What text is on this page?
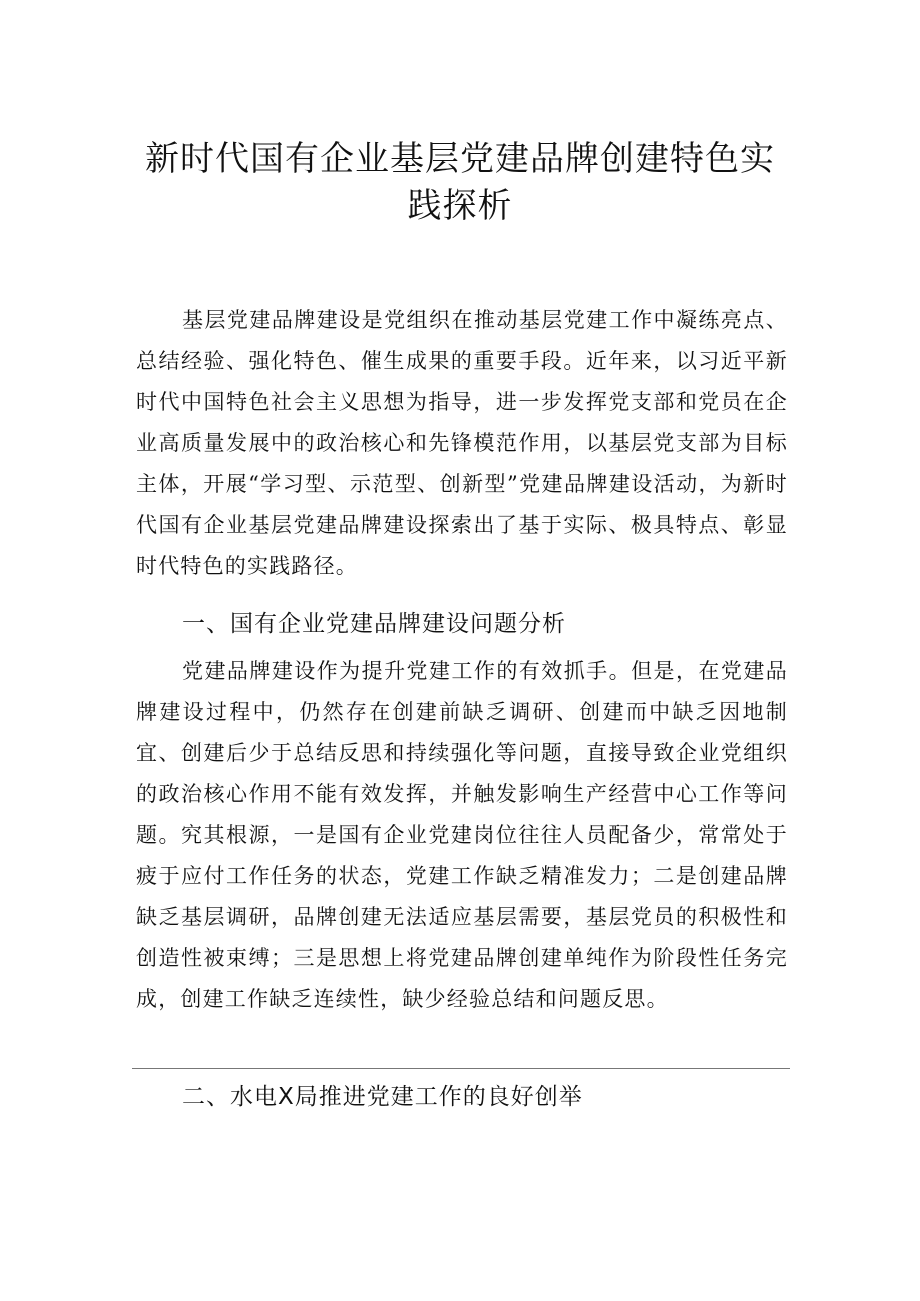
新时代国有企业基层党建品牌创建特色实
践探析
基层党建品牌建设是党组织在推动基层党建工作中凝练亮点、总结经验、强化特色、催生成果的重要手段。近年来，以习近平新时代中国特色社会主义思想为指导，进一步发挥党支部和党员在企业高质量发展中的政治核心和先锋模范作用，以基层党支部为目标主体，开展“学习型、示范型、创新型”党建品牌建设活动，为新时代国有企业基层党建品牌建设探索出了基于实际、极具特点、彰显时代特色的实践路径。
一、国有企业党建品牌建设问题分析
党建品牌建设作为提升党建工作的有效抓手。但是，在党建品牌建设过程中，仍然存在创建前缺乏调研、创建而中缺乏因地制宜、创建后少于总结反思和持续强化等问题，直接导致企业党组织的政治核心作用不能有效发挥，并触发影响生产经营中心工作等问题。究其根源，一是国有企业党建岗位往往人员配备少，常常处于疲于应付工作任务的状态，党建工作缺乏精准发力；二是创建品牌缺乏基层调研，品牌创建无法适应基层需要，基层党员的积极性和创造性被束缚；三是思想上将党建品牌创建单纯作为阶段性任务完成，创建工作缺乏连续性，缺少经验总结和问题反思。
二、水电X局推进党建工作的良好创举
